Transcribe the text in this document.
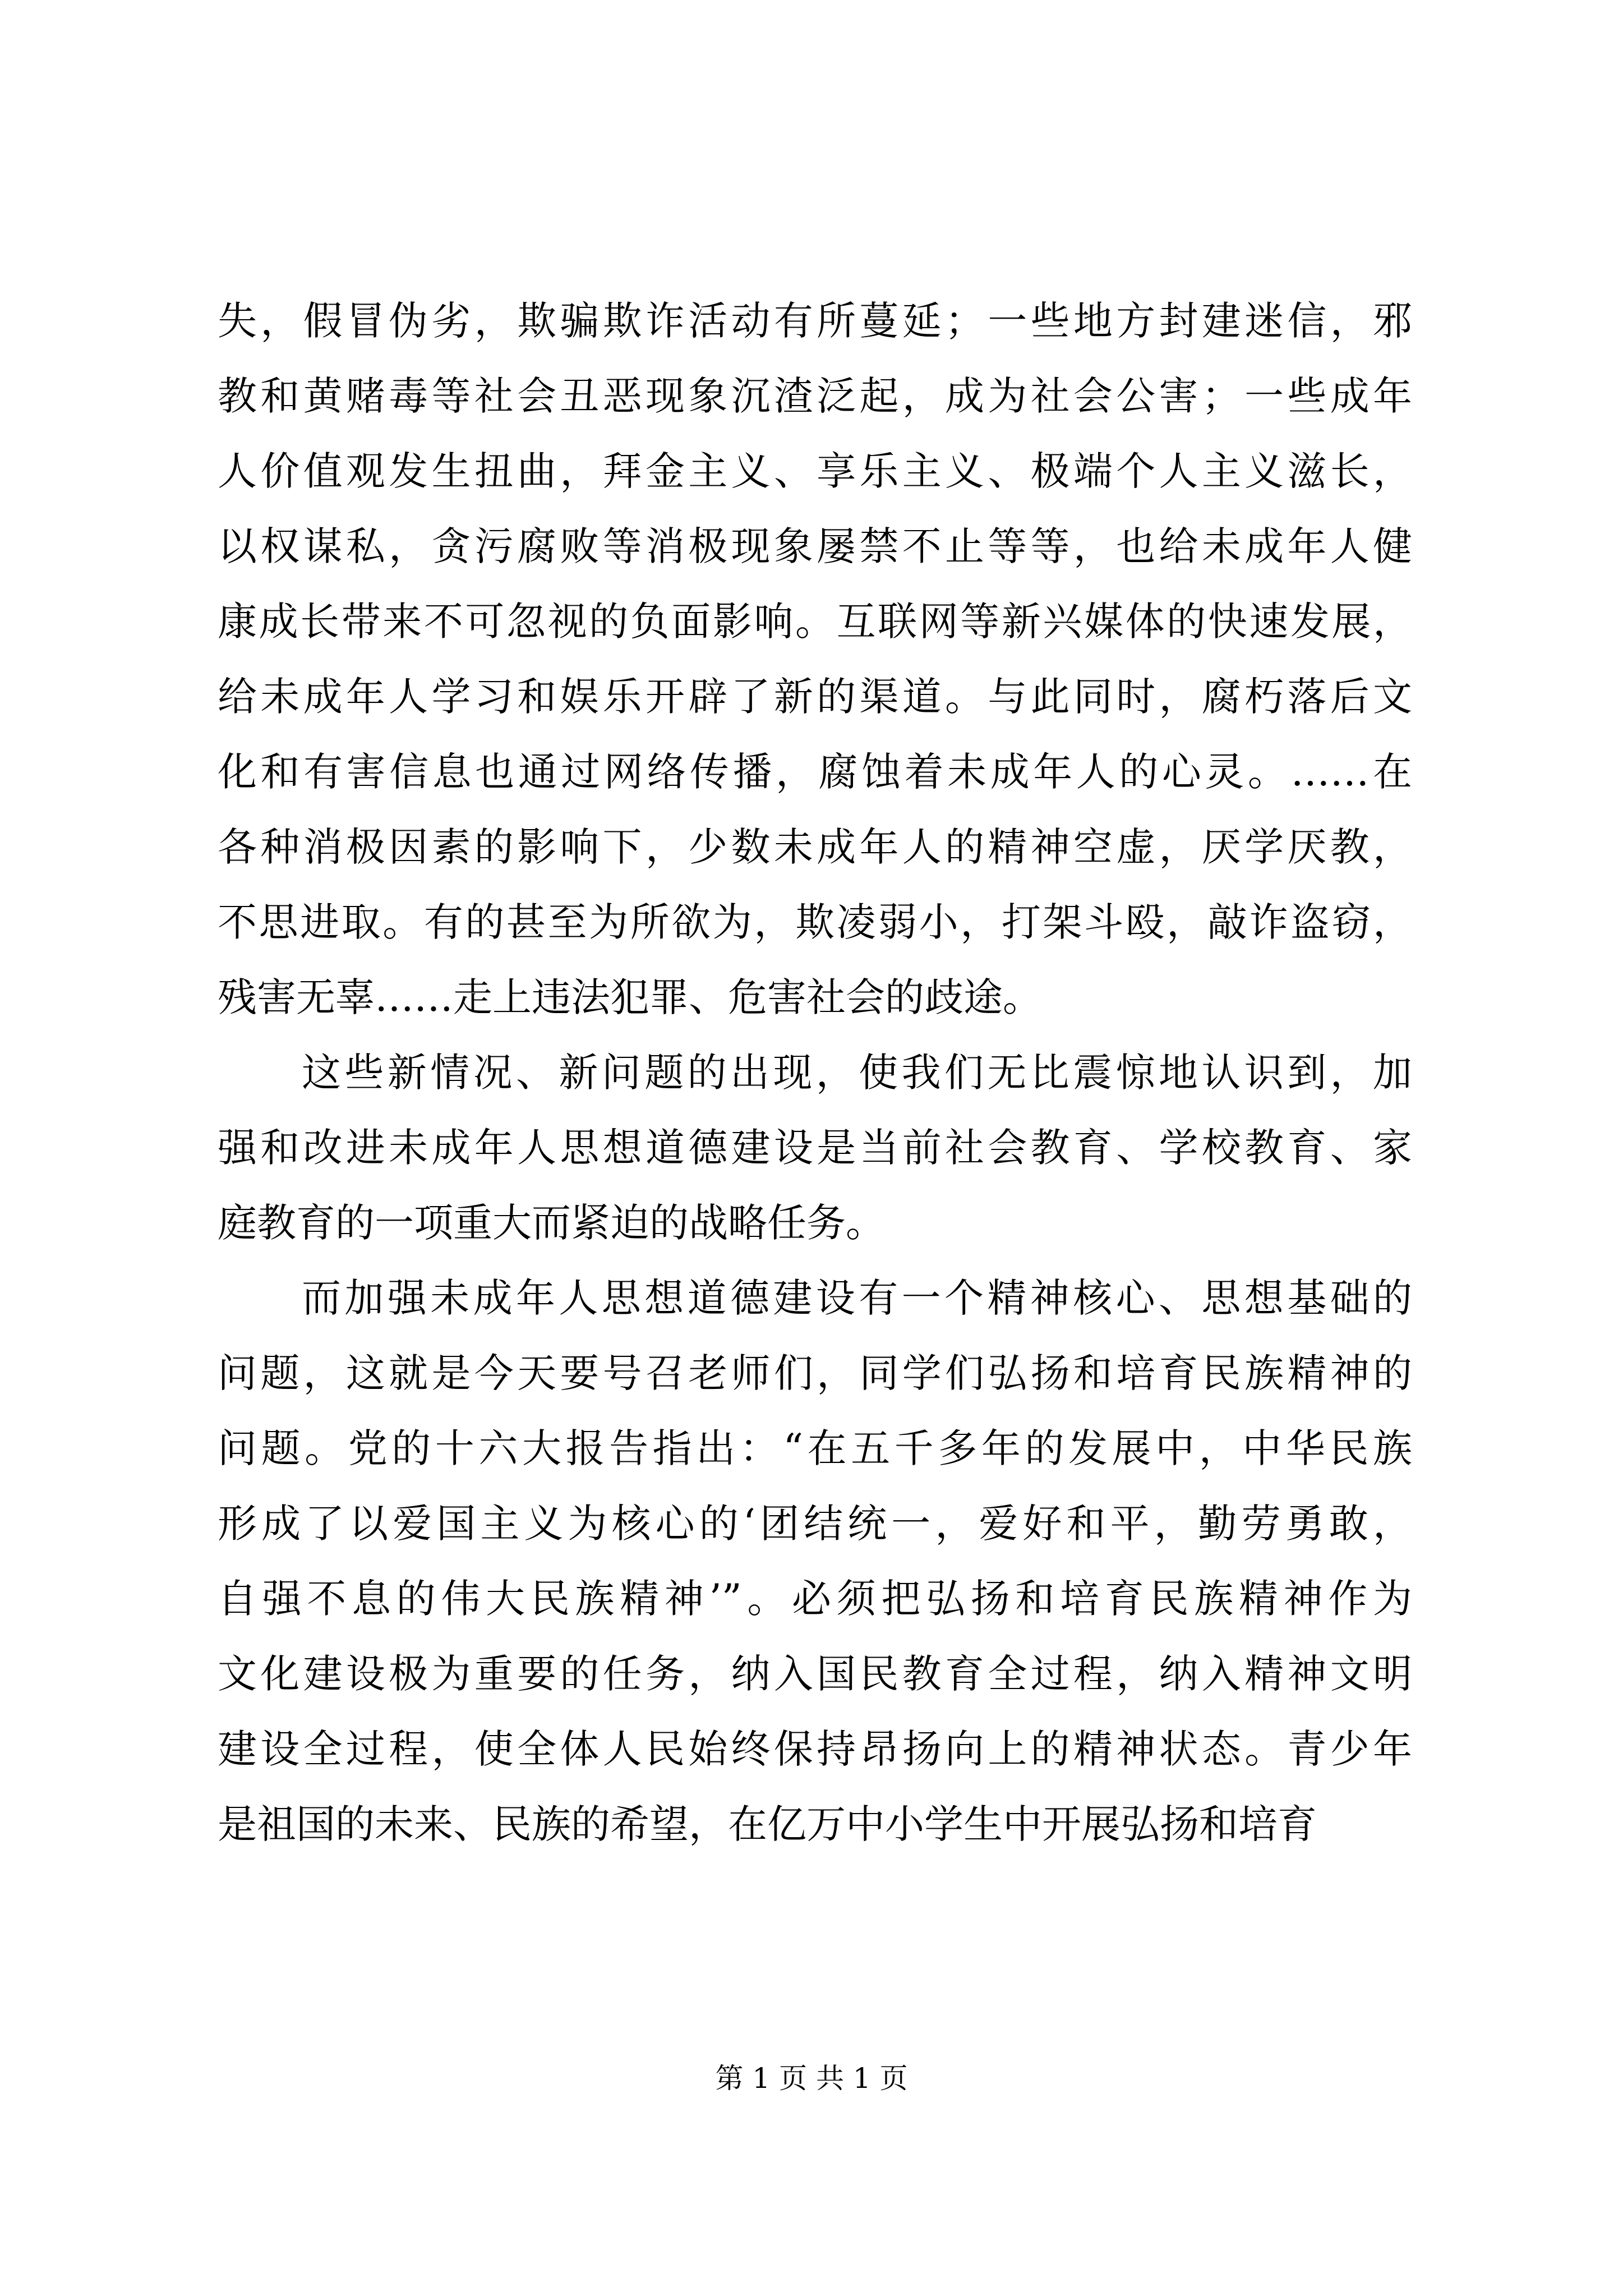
失，假冒伪劣，欺骗欺诈活动有所蔓延；一些地方封建迷信，邪
教和黄赌毒等社会丑恶现象沉渣泛起，成为社会公害；一些成年
人价值观发生扭曲，拜金主义、享乐主义、极端个人主义滋长，
以权谋私，贪污腐败等消极现象屡禁不止等等，也给未成年人健
康成长带来不可忽视的负面影响。互联网等新兴媒体的快速发展，
给未成年人学习和娱乐开辟了新的渠道。与此同时，腐朽落后文
化和有害信息也通过网络传播，腐蚀着未成年人的心灵。……在
各种消极因素的影响下，少数未成年人的精神空虚，厌学厌教，
不思进取。有的甚至为所欲为，欺凌弱小，打架斗殴，敲诈盗窃，
残害无辜……走上违法犯罪、危害社会的歧途。
这些新情况、新问题的出现，使我们无比震惊地认识到，加
强和改进未成年人思想道德建设是当前社会教育、学校教育、家
庭教育的一项重大而紧迫的战略任务。
而加强未成年人思想道德建设有一个精神核心、思想基础的
问题，这就是今天要号召老师们，同学们弘扬和培育民族精神的
问题。党的十六大报告指出：“在五千多年的发展中，中华民族
形成了以爱国主义为核心的‘团结统一，爱好和平，勤劳勇敢，
自强不息的伟大民族精神’”。必须把弘扬和培育民族精神作为
文化建设极为重要的任务，纳入国民教育全过程，纳入精神文明
建设全过程，使全体人民始终保持昂扬向上的精神状态。青少年
是祖国的未来、民族的希望，在亿万中小学生中开展弘扬和培育
第 1 页 共 1 页
